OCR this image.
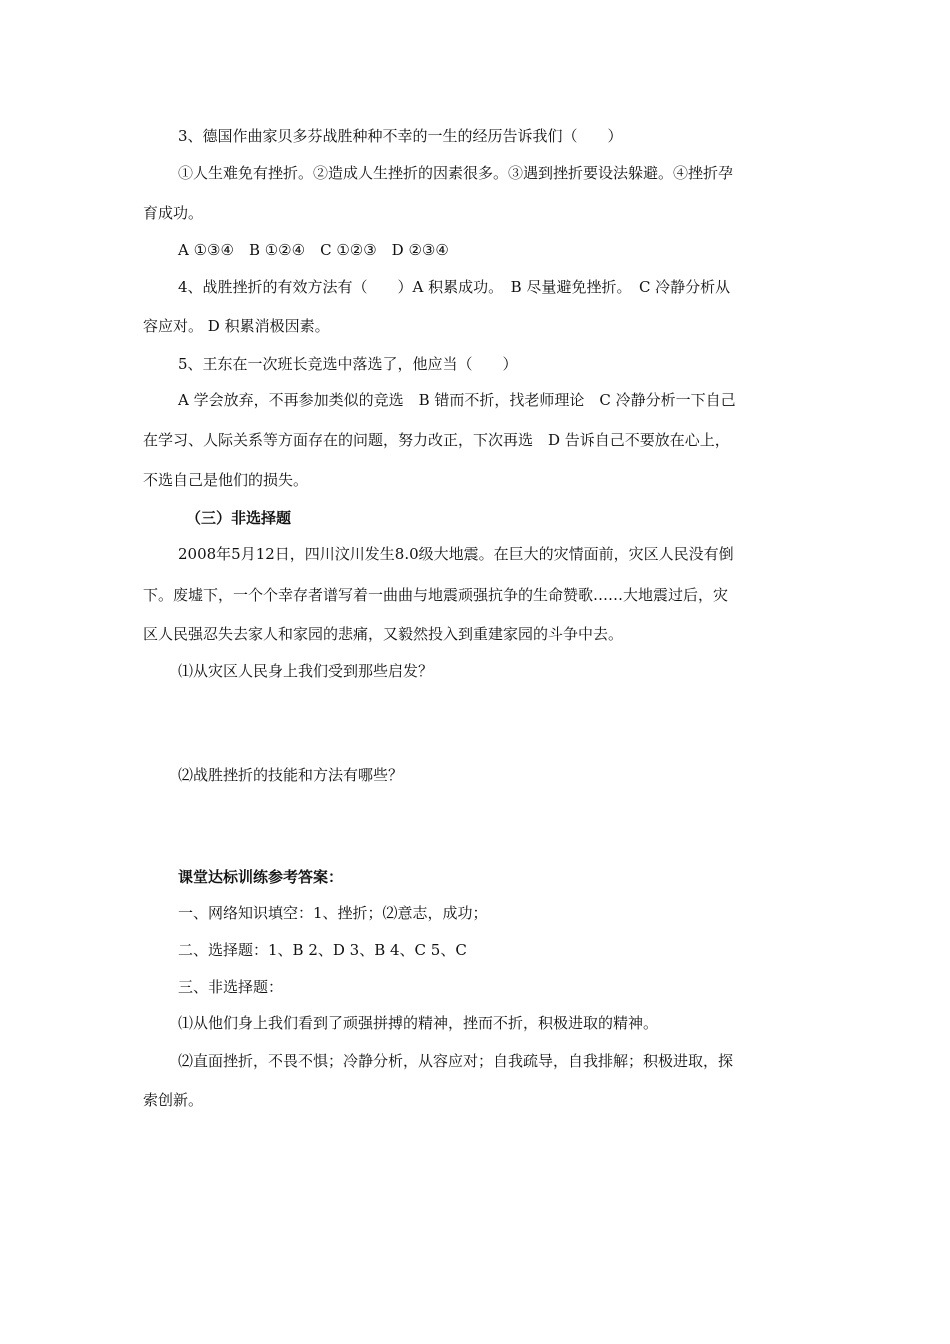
3、德国作曲家贝多芬战胜种种不幸的一生的经历告诉我们（　　）
①人生难免有挫折。②造成人生挫折的因素很多。③遇到挫折要设法躲避。④挫折孕
育成功。
A ①③④　B ①②④　C ①②③　D ②③④
4、战胜挫折的有效方法有（　　）A 积累成功。　B 尽量避免挫折。　C 冷静分析从
容应对。 D 积累消极因素。
5、王东在一次班长竞选中落选了，他应当（　　）
A 学会放弃，不再参加类似的竞选　B 错而不折，找老师理论　C 冷静分析一下自己
在学习、人际关系等方面存在的问题，努力改正，下次再选　D 告诉自己不要放在心上，
不选自己是他们的损失。
（三）非选择题
2008年5月12日，四川汶川发生8.0级大地震。在巨大的灾情面前，灾区人民没有倒
下。废墟下，一个个幸存者谱写着一曲曲与地震顽强抗争的生命赞歌……大地震过后，灾
区人民强忍失去家人和家园的悲痛，又毅然投入到重建家园的斗争中去。
⑴从灾区人民身上我们受到那些启发？
⑵战胜挫折的技能和方法有哪些？
课堂达标训练参考答案：
一、网络知识填空：1、挫折；⑵意志，成功；
二、选择题：1、B 2、D 3、B 4、C 5、C
三、非选择题：
⑴从他们身上我们看到了顽强拼搏的精神，挫而不折，积极进取的精神。
⑵直面挫折，不畏不惧；冷静分析，从容应对；自我疏导，自我排解；积极进取，探
索创新。
